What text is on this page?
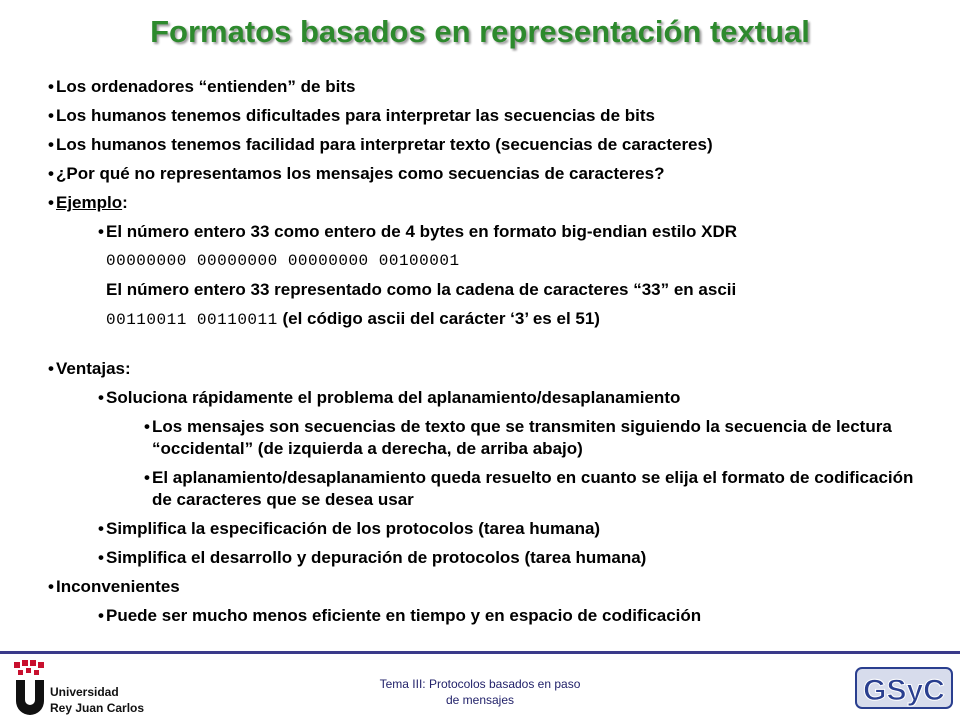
Formatos basados en representación textual
• Los ordenadores “entienden” de bits
• Los humanos tenemos dificultades para interpretar las secuencias de bits
• Los humanos tenemos facilidad para interpretar texto (secuencias de caracteres)
• ¿Por qué no representamos los mensajes como secuencias de caracteres?
• Ejemplo:
• El número entero 33 como entero de 4 bytes en formato big-endian estilo XDR
00000000 00000000 00000000 00100001
El número entero 33 representado como la cadena de caracteres “33” en ascii
00110011 00110011 (el código ascii del carácter ‘3’ es el 51)
• Ventajas:
• Soluciona rápidamente el problema del aplanamiento/desaplanamiento
• Los mensajes son secuencias de texto que se transmiten siguiendo la secuencia de lectura “occidental” (de izquierda a derecha, de arriba abajo)
• El aplanamiento/desaplanamiento queda resuelto en cuanto se elija el formato de codificación de caracteres que se desea usar
• Simplifica la especificación de los protocolos (tarea humana)
• Simplifica el desarrollo y depuración de protocolos (tarea humana)
• Inconvenientes
• Puede ser mucho menos eficiente en tiempo y en espacio de codificación
Universidad
Rey Juan Carlos
Tema III: Protocolos basados en paso
de mensajes	GSyC
